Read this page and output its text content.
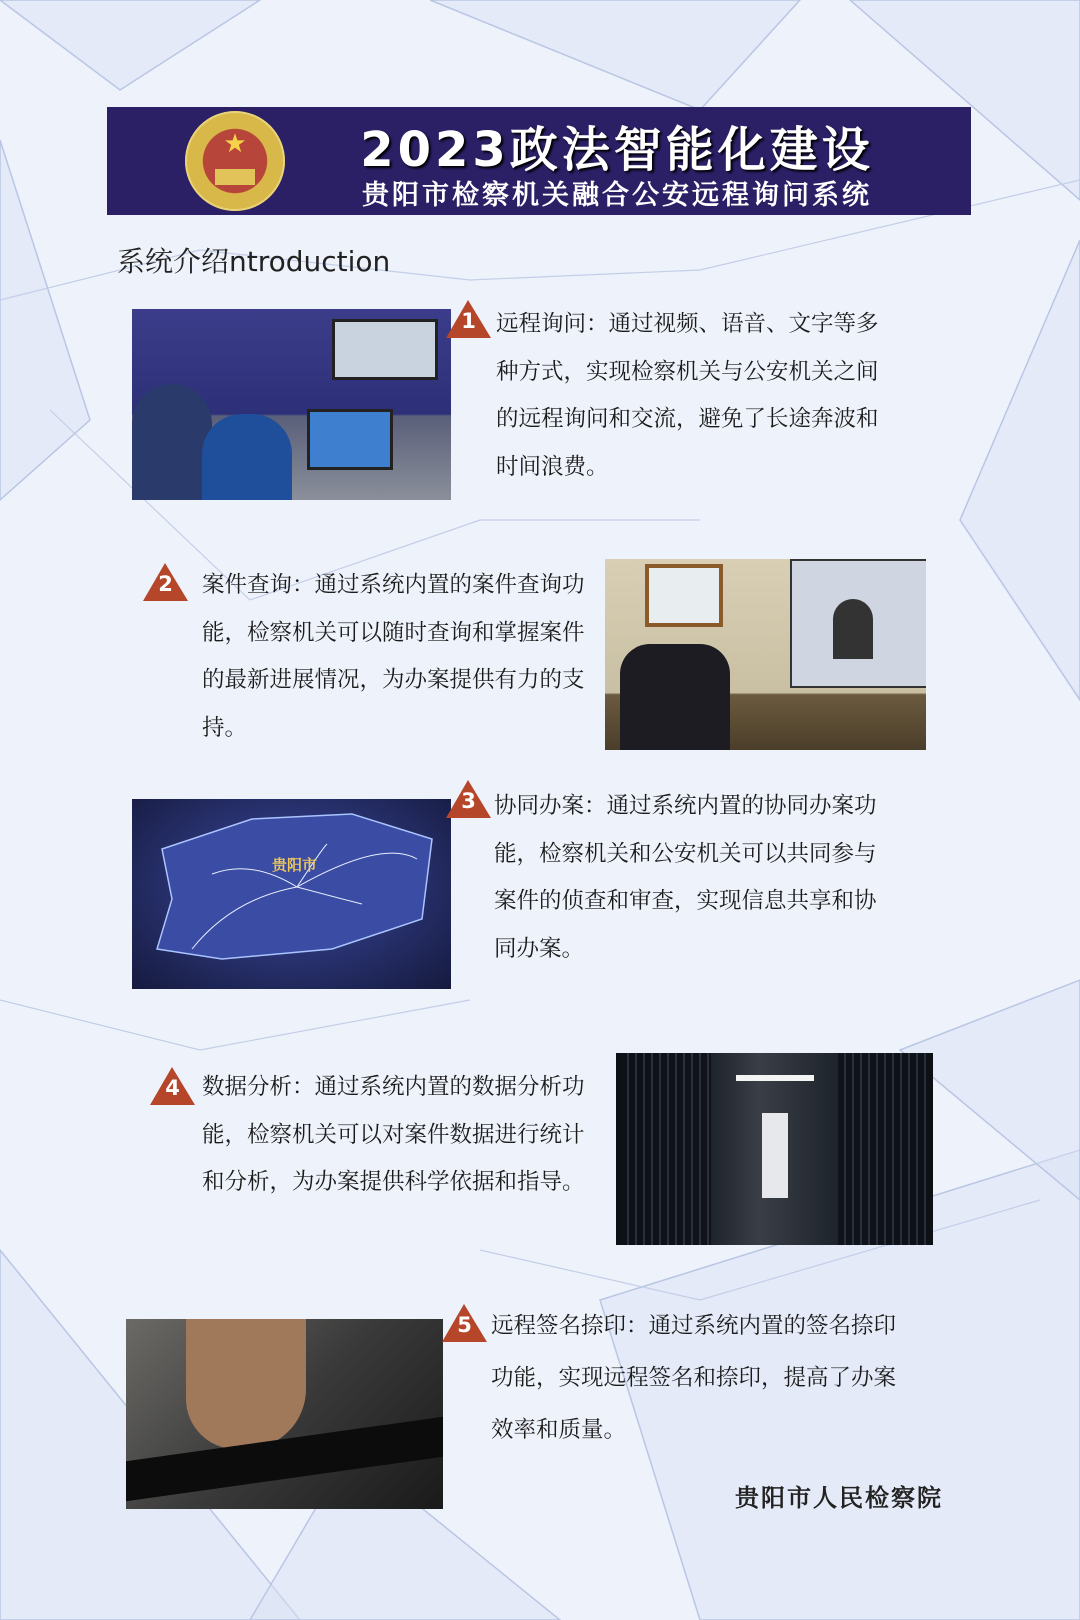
★	2023政法智能化建设
贵阳市检察机关融合公安远程询问系统
系统介绍ntroduction
1 远程询问：通过视频、语音、文字等多种方式，实现检察机关与公安机关之间的远程询问和交流，避免了长途奔波和时间浪费。
2	案件查询：通过系统内置的案件查询功能，检察机关可以随时查询和掌握案件的最新进展情况，为办案提供有力的支持。
贵阳市
3 协同办案：通过系统内置的协同办案功能，检察机关和公安机关可以共同参与案件的侦查和审查，实现信息共享和协同办案。
4 数据分析：通过系统内置的数据分析功能，检察机关可以对案件数据进行统计和分析，为办案提供科学依据和指导。
5 远程签名捺印：通过系统内置的签名捺印功能，实现远程签名和捺印，提高了办案效率和质量。
贵阳市人民检察院
